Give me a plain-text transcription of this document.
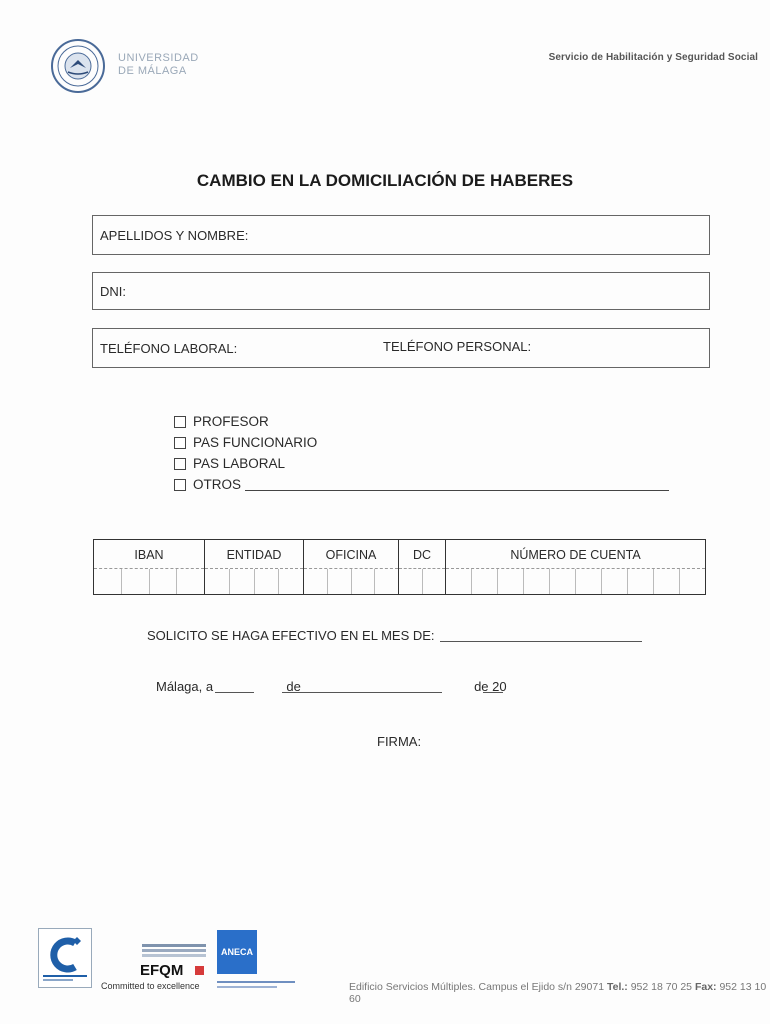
UNIVERSIDAD
DE MÁLAGA
Servicio de Habilitación y Seguridad Social
CAMBIO EN LA DOMICILIACIÓN DE HABERES
APELLIDOS Y NOMBRE:
DNI:
TELÉFONO LABORAL:	TELÉFONO PERSONAL:
PROFESOR
PAS FUNCIONARIO
PAS LABORAL
OTROS
IBAN	ENTIDAD	OFICINA	DC	NÚMERO DE CUENTA
SOLICITO SE HAGA EFECTIVO EN EL MES DE:
Málaga, a	de	de 20
FIRMA:
EFQM
Committed to excellence
ANECA
Edificio Servicios Múltiples. Campus el Ejido s/n 29071 Tel.: 952 18 70 25 Fax: 952 13 10 60
